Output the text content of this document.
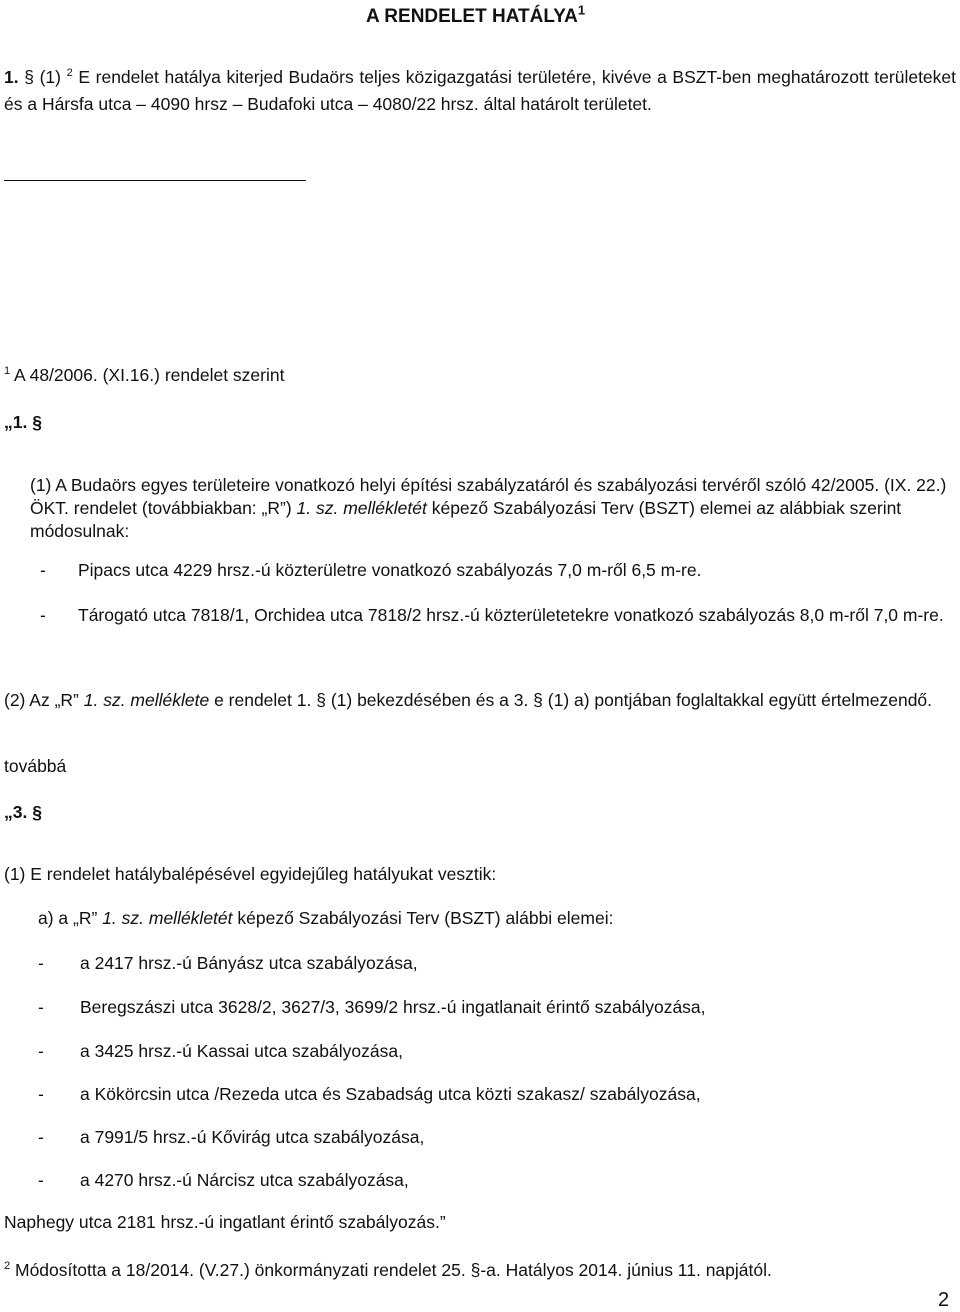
A RENDELET HATÁLYA$^1$

1. § (1) $^2$ E rendelet hatálya kiterjed Budaörs teljes közigazgatási területére, kivéve a BSZT-ben meghatározott területeket és a Hársfa utca – 4090 hrsz – Budafoki utca – 4080/22 hrsz. által határolt területet.

$^1$ A 48/2006. (XI.16.) rendelet szerint

„1. §

(1) A Budaörs egyes területeire vonatkozó helyi építési szabályzatáról és szabályozási tervéről szóló 42/2005. (IX. 22.) ÖKT. rendelet (továbbiakban: „R”) 1. sz. mellékletét képező Szabályozási Terv (BSZT) elemei az alábbiak szerint módosulnak:

- Pipacs utca 4229 hrsz.-ú közterületre vonatkozó szabályozás 7,0 m-ről 6,5 m-re.
- Tárogató utca 7818/1, Orchidea utca 7818/2 hrsz.-ú közterületetekre vonatkozó szabályozás 8,0 m-ről 7,0 m-re.

(2) Az „R” 1. sz. melléklete e rendelet 1. § (1) bekezdésében és a 3. § (1) a) pontjában foglaltakkal együtt értelmezendő.

továbbá

„3. §

(1) E rendelet hatálybalépésével egyidejűleg hatályukat vesztik:

a) a „R” 1. sz. mellékletét képező Szabályozási Terv (BSZT) alábbi elemei:

- a 2417 hrsz.-ú Bányász utca szabályozása,
- Beregszászi utca 3628/2, 3627/3, 3699/2 hrsz.-ú ingatlanait érintő szabályozása,
- a 3425 hrsz.-ú Kassai utca szabályozása,
- a Kökörcsin utca /Rezeda utca és Szabadság utca közti szakasz/ szabályozása,
- a 7991/5 hrsz.-ú Kővirág utca szabályozása,
- a 4270 hrsz.-ú Nárcisz utca szabályozása,

Naphegy utca 2181 hrsz.-ú ingatlant érintő szabályozás.”

$^2$ Módosította a 18/2014. (V.27.) önkormányzati rendelet 25. §-a. Hatályos 2014. június 11. napjától.

2
